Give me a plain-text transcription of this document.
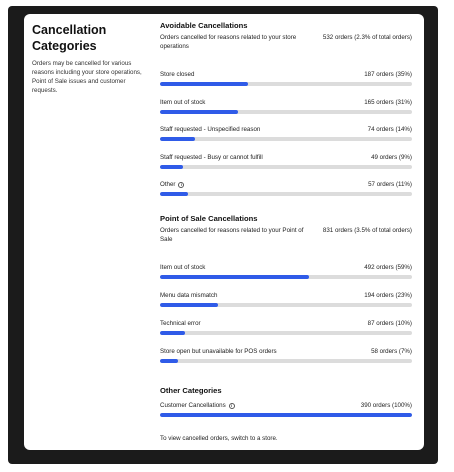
Cancellation Categories

Orders may be cancelled for various reasons including your store operations, Point of Sale issues and customer requests.

Avoidable Cancellations
Orders cancelled for reasons related to your store operations
532 orders (2.3% of total orders)
Store closed	187 orders (35%)
Item out of stock	165 orders (31%)
Staff requested - Unspecified reason	74 orders (14%)
Staff requested - Busy or cannot fulfill	49 orders (9%)
Other	i	57 orders (11%)
Point of Sale Cancellations
Orders cancelled for reasons related to your Point of Sale
831 orders (3.5% of total orders)
Item out of stock	492 orders (59%)
Menu data mismatch	194 orders (23%)
Technical error	87 orders (10%)
Store open but unavailable for POS orders	58 orders (7%)
Other Categories
Customer Cancellations	i	390 orders (100%)
To view cancelled orders, switch to a store.
